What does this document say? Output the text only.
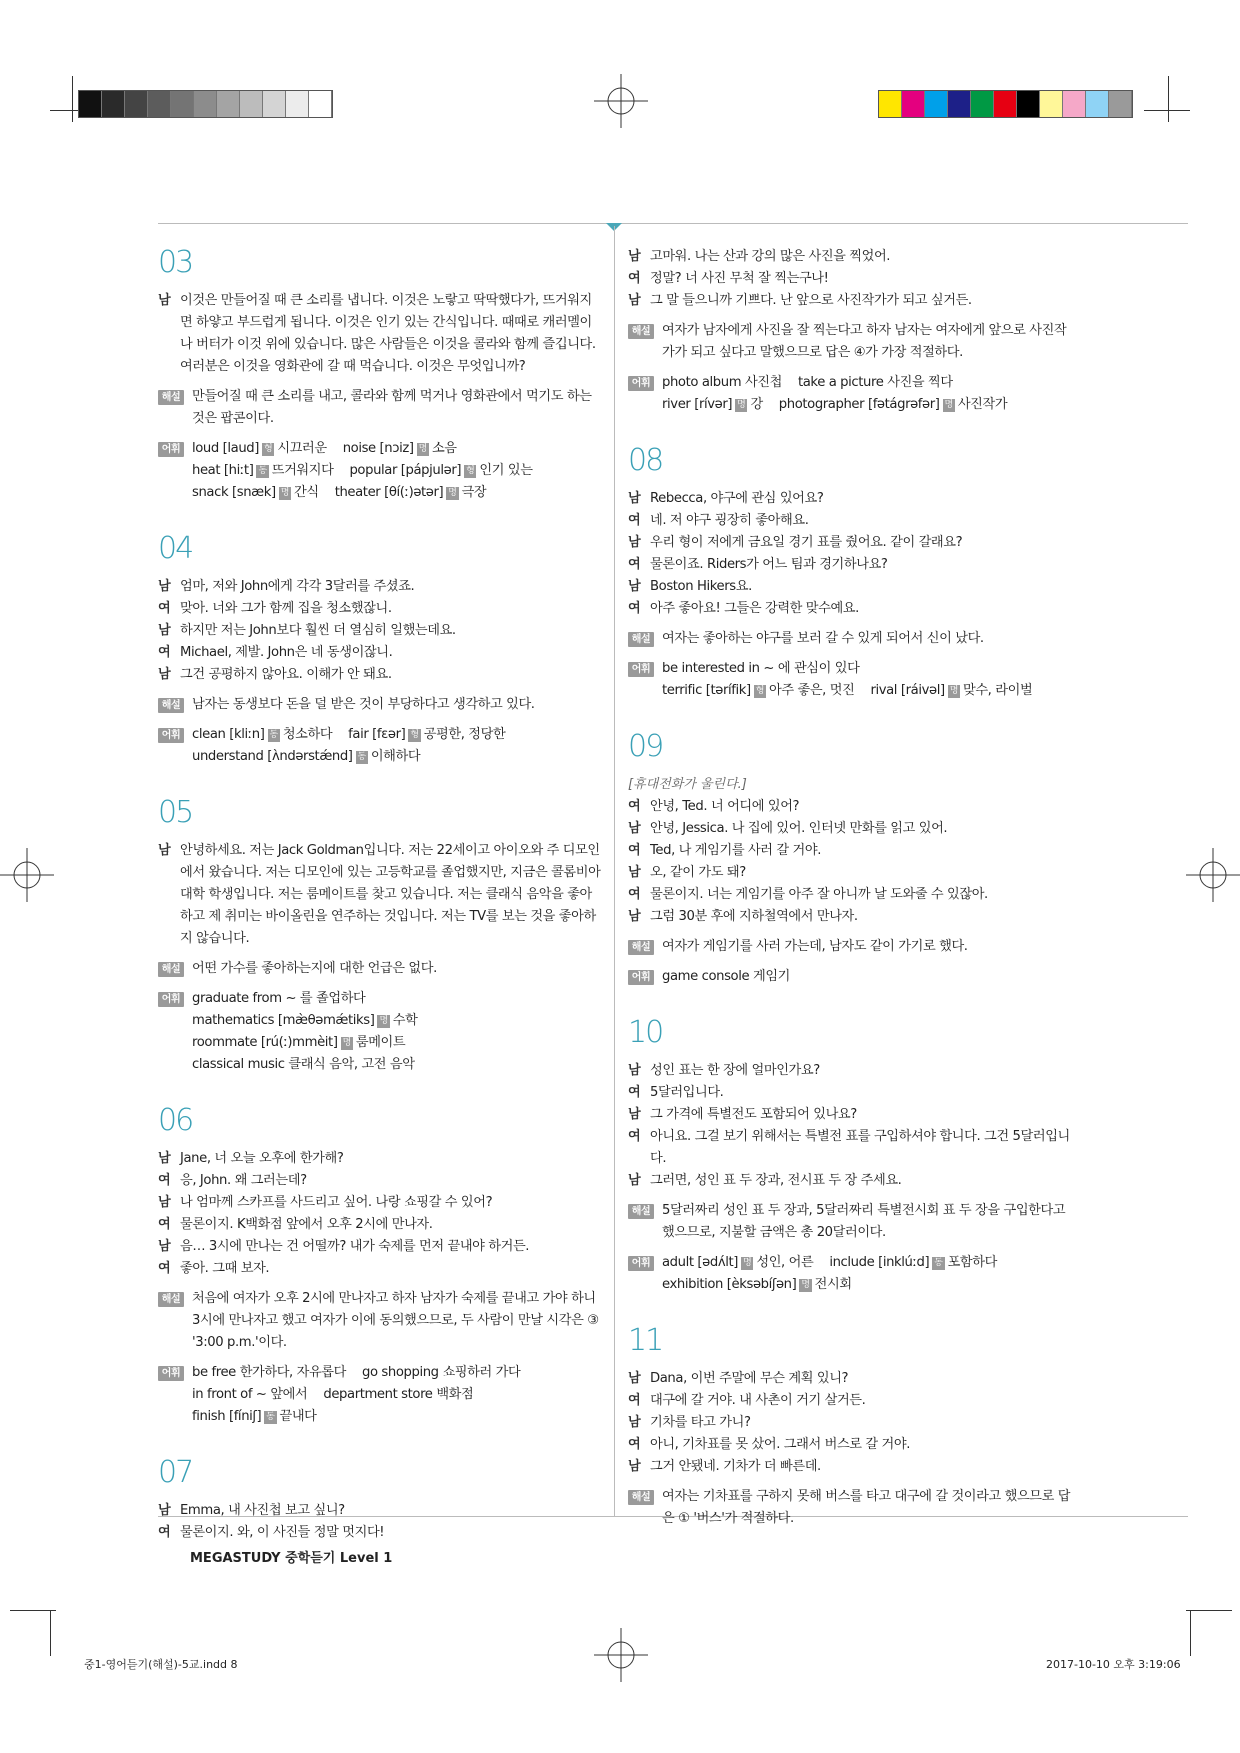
03
남 이것은 만들어질 때 큰 소리를 냅니다. 이것은 노랗고 딱딱했다가, 뜨거워지면 하얗고 부드럽게 됩니다. 이것은 인기 있는 간식입니다. 때때로 캐러멜이나 버터가 이것 위에 있습니다. 많은 사람들은 이것을 콜라와 함께 즐깁니다. 여러분은 이것을 영화관에 갈 때 먹습니다. 이것은 무엇입니까?
해설 만들어질 때 큰 소리를 내고, 콜라와 함께 먹거나 영화관에서 먹기도 하는 것은 팝콘이다.
어휘 loud [laud] 형 시끄러운 noise [nɔiz] 명 소음
heat [hiːt] 동 뜨거워지다 popular [pápjulər] 형 인기 있는
snack [snæk] 명 간식 theater [θí(ː)ətər] 명 극장
04
남 엄마, 저와 John에게 각각 3달러를 주셨죠.
여 맞아. 너와 그가 함께 집을 청소했잖니.
남 하지만 저는 John보다 훨씬 더 열심히 일했는데요.
여 Michael, 제발. John은 네 동생이잖니.
남 그건 공평하지 않아요. 이해가 안 돼요.
해설 남자는 동생보다 돈을 덜 받은 것이 부당하다고 생각하고 있다.
어휘 clean [kliːn] 동 청소하다 fair [fɛər] 형 공평한, 정당한
understand [ʌ̀ndərstǽnd] 동 이해하다
05
남 안녕하세요. 저는 Jack Goldman입니다. 저는 22세이고 아이오와 주 디모인에서 왔습니다. 저는 디모인에 있는 고등학교를 졸업했지만, 지금은 콜롬비아 대학 학생입니다. 저는 룸메이트를 찾고 있습니다. 저는 클래식 음악을 좋아하고 제 취미는 바이올린을 연주하는 것입니다. 저는 TV를 보는 것을 좋아하지 않습니다.
해설 어떤 가수를 좋아하는지에 대한 언급은 없다.
어휘 graduate from ~ 를 졸업하다
mathematics [mæ̀θəmǽtiks] 명 수학
roommate [rú(ː)mmèit] 명 룸메이트
classical music 클래식 음악, 고전 음악
06
남 Jane, 너 오늘 오후에 한가해?
여 응, John. 왜 그러는데?
남 나 엄마께 스카프를 사드리고 싶어. 나랑 쇼핑갈 수 있어?
여 물론이지. K백화점 앞에서 오후 2시에 만나자.
남 음… 3시에 만나는 건 어떨까? 내가 숙제를 먼저 끝내야 하거든.
여 좋아. 그때 보자.
해설 처음에 여자가 오후 2시에 만나자고 하자 남자가 숙제를 끝내고 가야 하니 3시에 만나자고 했고 여자가 이에 동의했으므로, 두 사람이 만날 시각은 ③ '3:00 p.m.'이다.
어휘 be free 한가하다, 자유롭다 go shopping 쇼핑하러 가다
in front of ~ 앞에서 department store 백화점
finish [fíniʃ] 동 끝내다
07
남 Emma, 내 사진첩 보고 싶니?
여 물론이지. 와, 이 사진들 정말 멋지다!
남 고마워. 나는 산과 강의 많은 사진을 찍었어.
여 정말? 너 사진 무척 잘 찍는구나!
남 그 말 들으니까 기쁘다. 난 앞으로 사진작가가 되고 싶거든.
해설 여자가 남자에게 사진을 잘 찍는다고 하자 남자는 여자에게 앞으로 사진작가가 되고 싶다고 말했으므로 답은 ④가 가장 적절하다.
어휘 photo album 사진첩 take a picture 사진을 찍다
river [rívər] 명 강 photographer [fətágrəfər] 명 사진작가
08
남 Rebecca, 야구에 관심 있어요?
여 네. 저 야구 굉장히 좋아해요.
남 우리 형이 저에게 금요일 경기 표를 줬어요. 같이 갈래요?
여 물론이죠. Riders가 어느 팀과 경기하나요?
남 Boston Hikers요.
여 아주 좋아요! 그들은 강력한 맞수예요.
해설 여자는 좋아하는 야구를 보러 갈 수 있게 되어서 신이 났다.
어휘 be interested in ~ 에 관심이 있다
terrific [tərífik] 형 아주 좋은, 멋진 rival [ráivəl] 명 맞수, 라이벌
09
[휴대전화가 울린다.]
여 안녕, Ted. 너 어디에 있어?
남 안녕, Jessica. 나 집에 있어. 인터넷 만화를 읽고 있어.
여 Ted, 나 게임기를 사러 갈 거야.
남 오, 같이 가도 돼?
여 물론이지. 너는 게임기를 아주 잘 아니까 날 도와줄 수 있잖아.
남 그럼 30분 후에 지하철역에서 만나자.
해설 여자가 게임기를 사러 가는데, 남자도 같이 가기로 했다.
어휘 game console 게임기
10
남 성인 표는 한 장에 얼마인가요?
여 5달러입니다.
남 그 가격에 특별전도 포함되어 있나요?
여 아니요. 그걸 보기 위해서는 특별전 표를 구입하셔야 합니다. 그건 5달러입니다.
남 그러면, 성인 표 두 장과, 전시표 두 장 주세요.
해설 5달러짜리 성인 표 두 장과, 5달러짜리 특별전시회 표 두 장을 구입한다고 했으므로, 지불할 금액은 총 20달러이다.
어휘 adult [ədʌ́lt] 명 성인, 어른 include [inklúːd] 동 포함하다
exhibition [èksəbíʃən] 명 전시회
11
남 Dana, 이번 주말에 무슨 계획 있니?
여 대구에 갈 거야. 내 사촌이 거기 살거든.
남 기차를 타고 가니?
여 아니, 기차표를 못 샀어. 그래서 버스로 갈 거야.
남 그거 안됐네. 기차가 더 빠른데.
해설 여자는 기차표를 구하지 못해 버스를 타고 대구에 갈 것이라고 했으므로 답은 ① '버스'가 적절하다.
MEGASTUDY 중학듣기 Level 1
중1-영어듣기(해설)-5교.indd 8	2017-10-10 오후 3:19:06
